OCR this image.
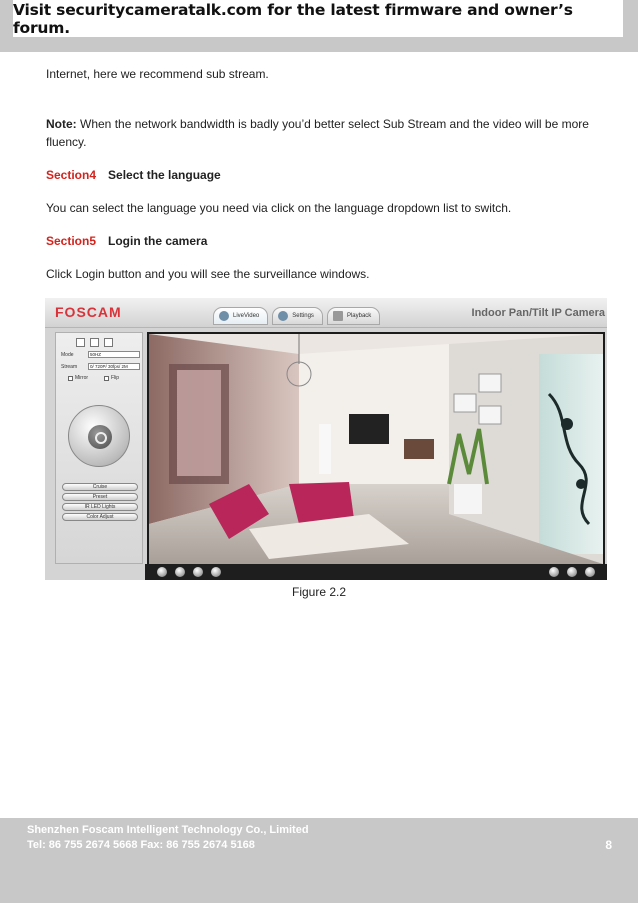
Visit securitycameratalk.com for the latest firmware and owner’s forum.
Internet, here we recommend sub stream.
Note: When the network bandwidth is badly you’d better select Sub Stream and the video will be more fluency.
Section4 Select the language
You can select the language you need via click on the language dropdown list to switch.
Section5 Login the camera
Click Login button and you will see the surveillance windows.
FOSCAM	LiveVideo	Settings	Playback	Indoor Pan/Tilt IP Camera
Mode	50HZ
Stream	0/ 720P/ 30fps/ 2M
Mirror	Flip
Cruise
Preset
IR LED Lights
Color Adjust
Figure 2.2
Shenzhen Foscam Intelligent Technology Co., Limited
Tel: 86 755 2674 5668 Fax: 86 755 2674 5168	8
